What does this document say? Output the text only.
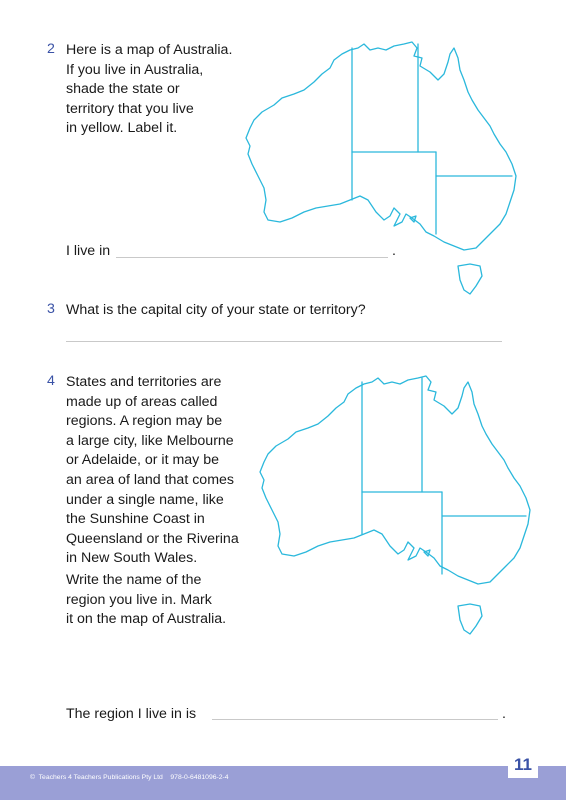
2 Here is a map of Australia.
If you live in Australia,
shade the state or
territory that you live
in yellow. Label it.
I live in	.
3 What is the capital city of your state or territory?
4 States and territories are
made up of areas called
regions. A region may be
a large city, like Melbourne
or Adelaide, or it may be
an area of land that comes
under a single name, like
the Sunshine Coast in
Queensland or the Riverina
in New South Wales.
Write the name of the
region you live in. Mark
it on the map of Australia.
The region I live in is	.
©  Teachers 4 Teachers Publications Pty Ltd    978-0-6481096-2-4
11
